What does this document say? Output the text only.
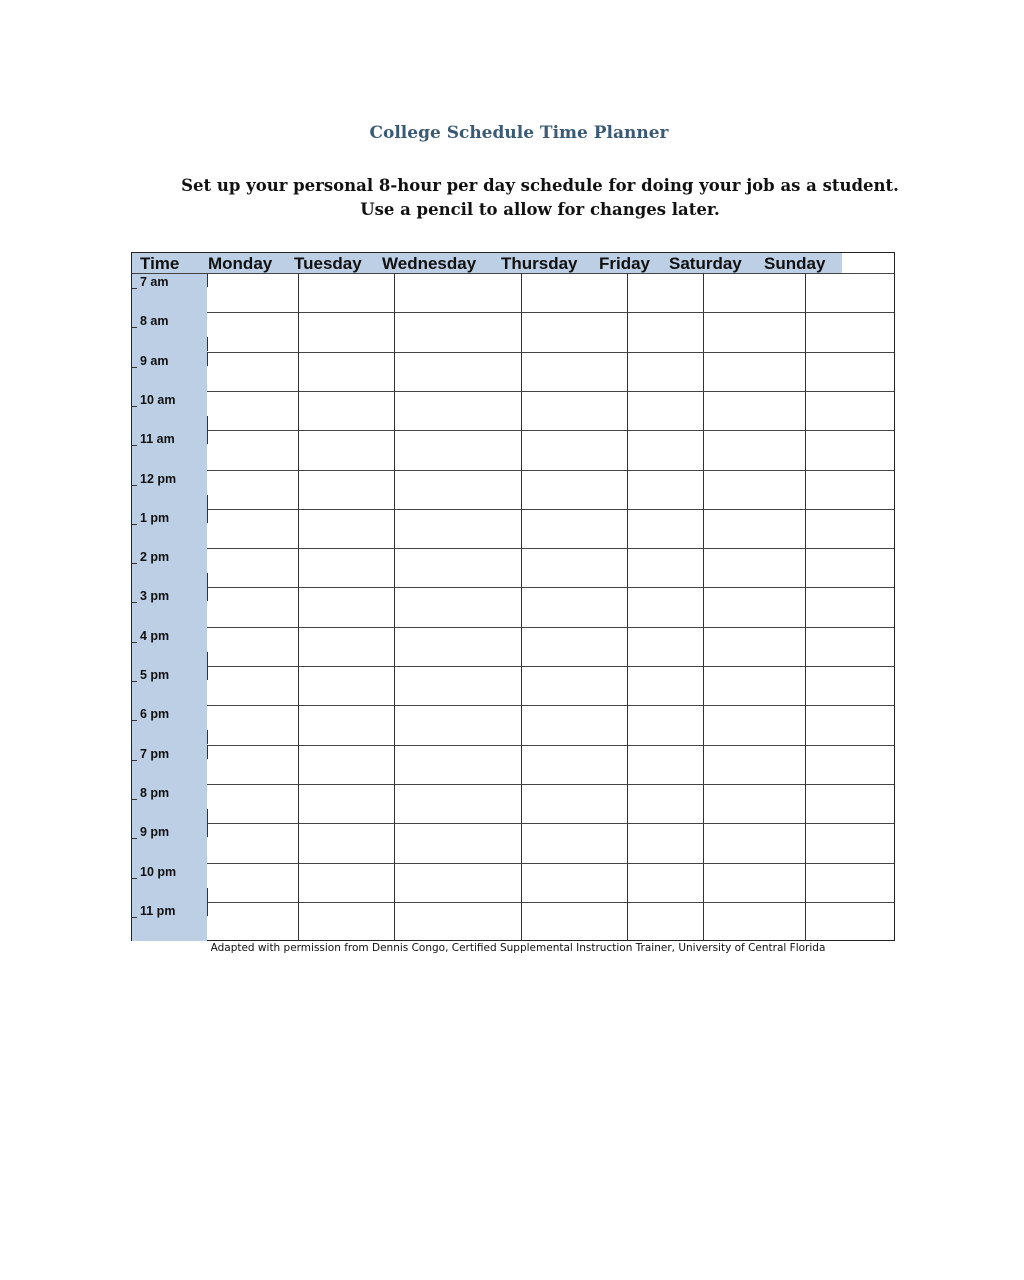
College Schedule Time Planner
Set up your personal 8-hour per day schedule for doing your job as a student.
Use a pencil to allow for changes later.
Time Monday Tuesday Wednesday Thursday Friday Saturday Sunday
7 am
8 am
9 am
10 am
11 am
12 pm
1 pm
2 pm
3 pm
4 pm
5 pm
6 pm
7 pm
8 pm
9 pm
10 pm
11 pm
Adapted with permission from Dennis Congo, Certified Supplemental Instruction Trainer, University of Central Florida
